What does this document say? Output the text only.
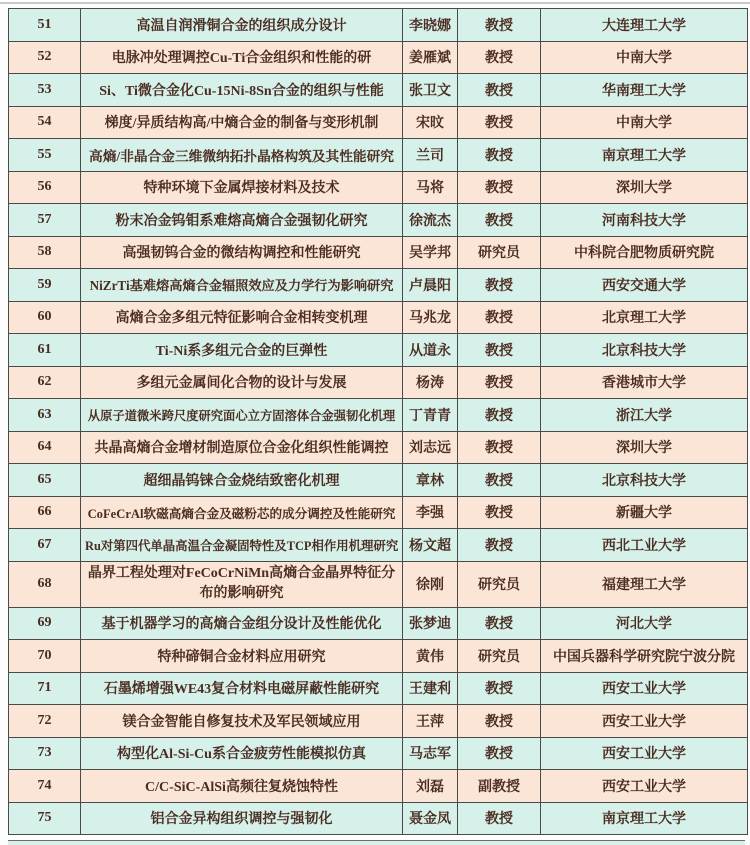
51	高温自润滑铜合金的组织成分设计	李晓娜	教授	大连理工大学
52	电脉冲处理调控Cu-Ti合金组织和性能的研	姜雁斌	教授	中南大学
53	Si、Ti微合金化Cu-15Ni-8Sn合金的组织与性能	张卫文	教授	华南理工大学
54	梯度/异质结构高/中熵合金的制备与变形机制	宋旼	教授	中南大学
55	高熵/非晶合金三维微纳拓扑晶格构筑及其性能研究	兰司	教授	南京理工大学
56	特种环境下金属焊接材料及技术	马将	教授	深圳大学
57	粉末冶金钨钼系难熔高熵合金强韧化研究	徐流杰	教授	河南科技大学
58	高强韧钨合金的微结构调控和性能研究	吴学邦	研究员	中科院合肥物质研究院
59	NiZrTi基难熔高熵合金辐照效应及力学行为影响研究	卢晨阳	教授	西安交通大学
60	高熵合金多组元特征影响合金相转变机理	马兆龙	教授	北京理工大学
61	Ti-Ni系多组元合金的巨弹性	从道永	教授	北京科技大学
62	多组元金属间化合物的设计与发展	杨涛	教授	香港城市大学
63	从原子道微米跨尺度研究面心立方固溶体合金强韧化机理	丁青青	教授	浙江大学
64	共晶高熵合金增材制造原位合金化组织性能调控	刘志远	教授	深圳大学
65	超细晶钨铼合金烧结致密化机理	章林	教授	北京科技大学
66	CoFeCrAl软磁高熵合金及磁粉芯的成分调控及性能研究	李强	教授	新疆大学
67	Ru对第四代单晶高温合金凝固特性及TCP相作用机理研究	杨文超	教授	西北工业大学
68	晶界工程处理对FeCoCrNiMn高熵合金晶界特征分布的影响研究	徐刚	研究员	福建理工大学
69	基于机器学习的高熵合金组分设计及性能优化	张梦迪	教授	河北大学
70	特种碲铜合金材料应用研究	黄伟	研究员	中国兵器科学研究院宁波分院
71	石墨烯增强WE43复合材料电磁屏蔽性能研究	王建利	教授	西安工业大学
72	镁合金智能自修复技术及军民领域应用	王萍	教授	西安工业大学
73	构型化Al-Si-Cu系合金疲劳性能模拟仿真	马志军	教授	西安工业大学
74	C/C-SiC-AlSi高频往复烧蚀特性	刘磊	副教授	西安工业大学
75	铝合金异构组织调控与强韧化	聂金凤	教授	南京理工大学
